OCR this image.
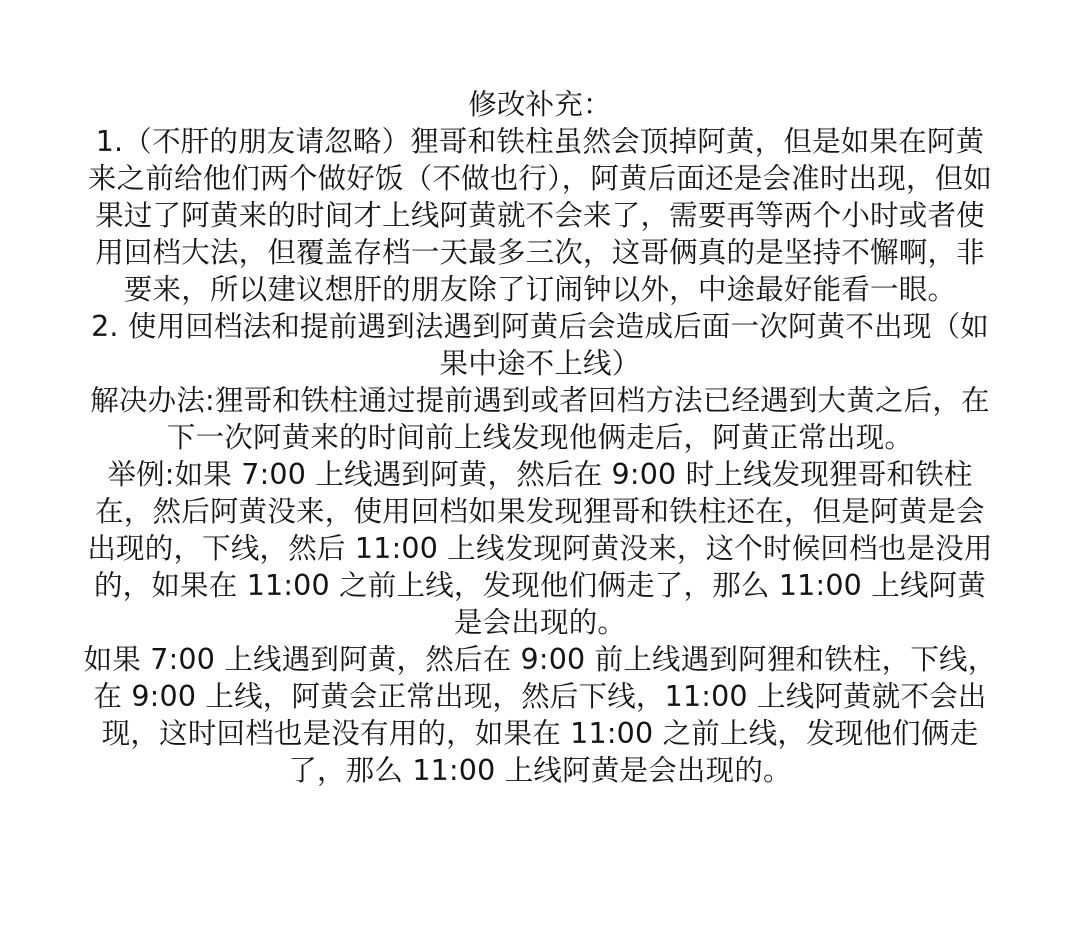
修改补充：

1.（不肝的朋友请忽略）狸哥和铁柱虽然会顶掉阿黄，但是如果在阿黄来之前给他们两个做好饭（不做也行），阿黄后面还是会准时出现，但如果过了阿黄来的时间才上线阿黄就不会来了，需要再等两个小时或者使用回档大法，但覆盖存档一天最多三次，这哥俩真的是坚持不懈啊，非要来，所以建议想肝的朋友除了订闹钟以外，中途最好能看一眼。

2. 使用回档法和提前遇到法遇到阿黄后会造成后面一次阿黄不出现（如果中途不上线）

解决办法:狸哥和铁柱通过提前遇到或者回档方法已经遇到大黄之后，在下一次阿黄来的时间前上线发现他俩走后，阿黄正常出现。

举例:如果 7:00 上线遇到阿黄，然后在 9:00 时上线发现狸哥和铁柱在，然后阿黄没来，使用回档如果发现狸哥和铁柱还在，但是阿黄是会出现的，下线，然后 11:00 上线发现阿黄没来，这个时候回档也是没用的，如果在 11:00 之前上线，发现他们俩走了，那么 11:00 上线阿黄是会出现的。

如果 7:00 上线遇到阿黄，然后在 9:00 前上线遇到阿狸和铁柱，下线，在 9:00 上线，阿黄会正常出现，然后下线，11:00 上线阿黄就不会出现，这时回档也是没有用的，如果在 11:00 之前上线，发现他们俩走了，那么 11:00 上线阿黄是会出现的。
